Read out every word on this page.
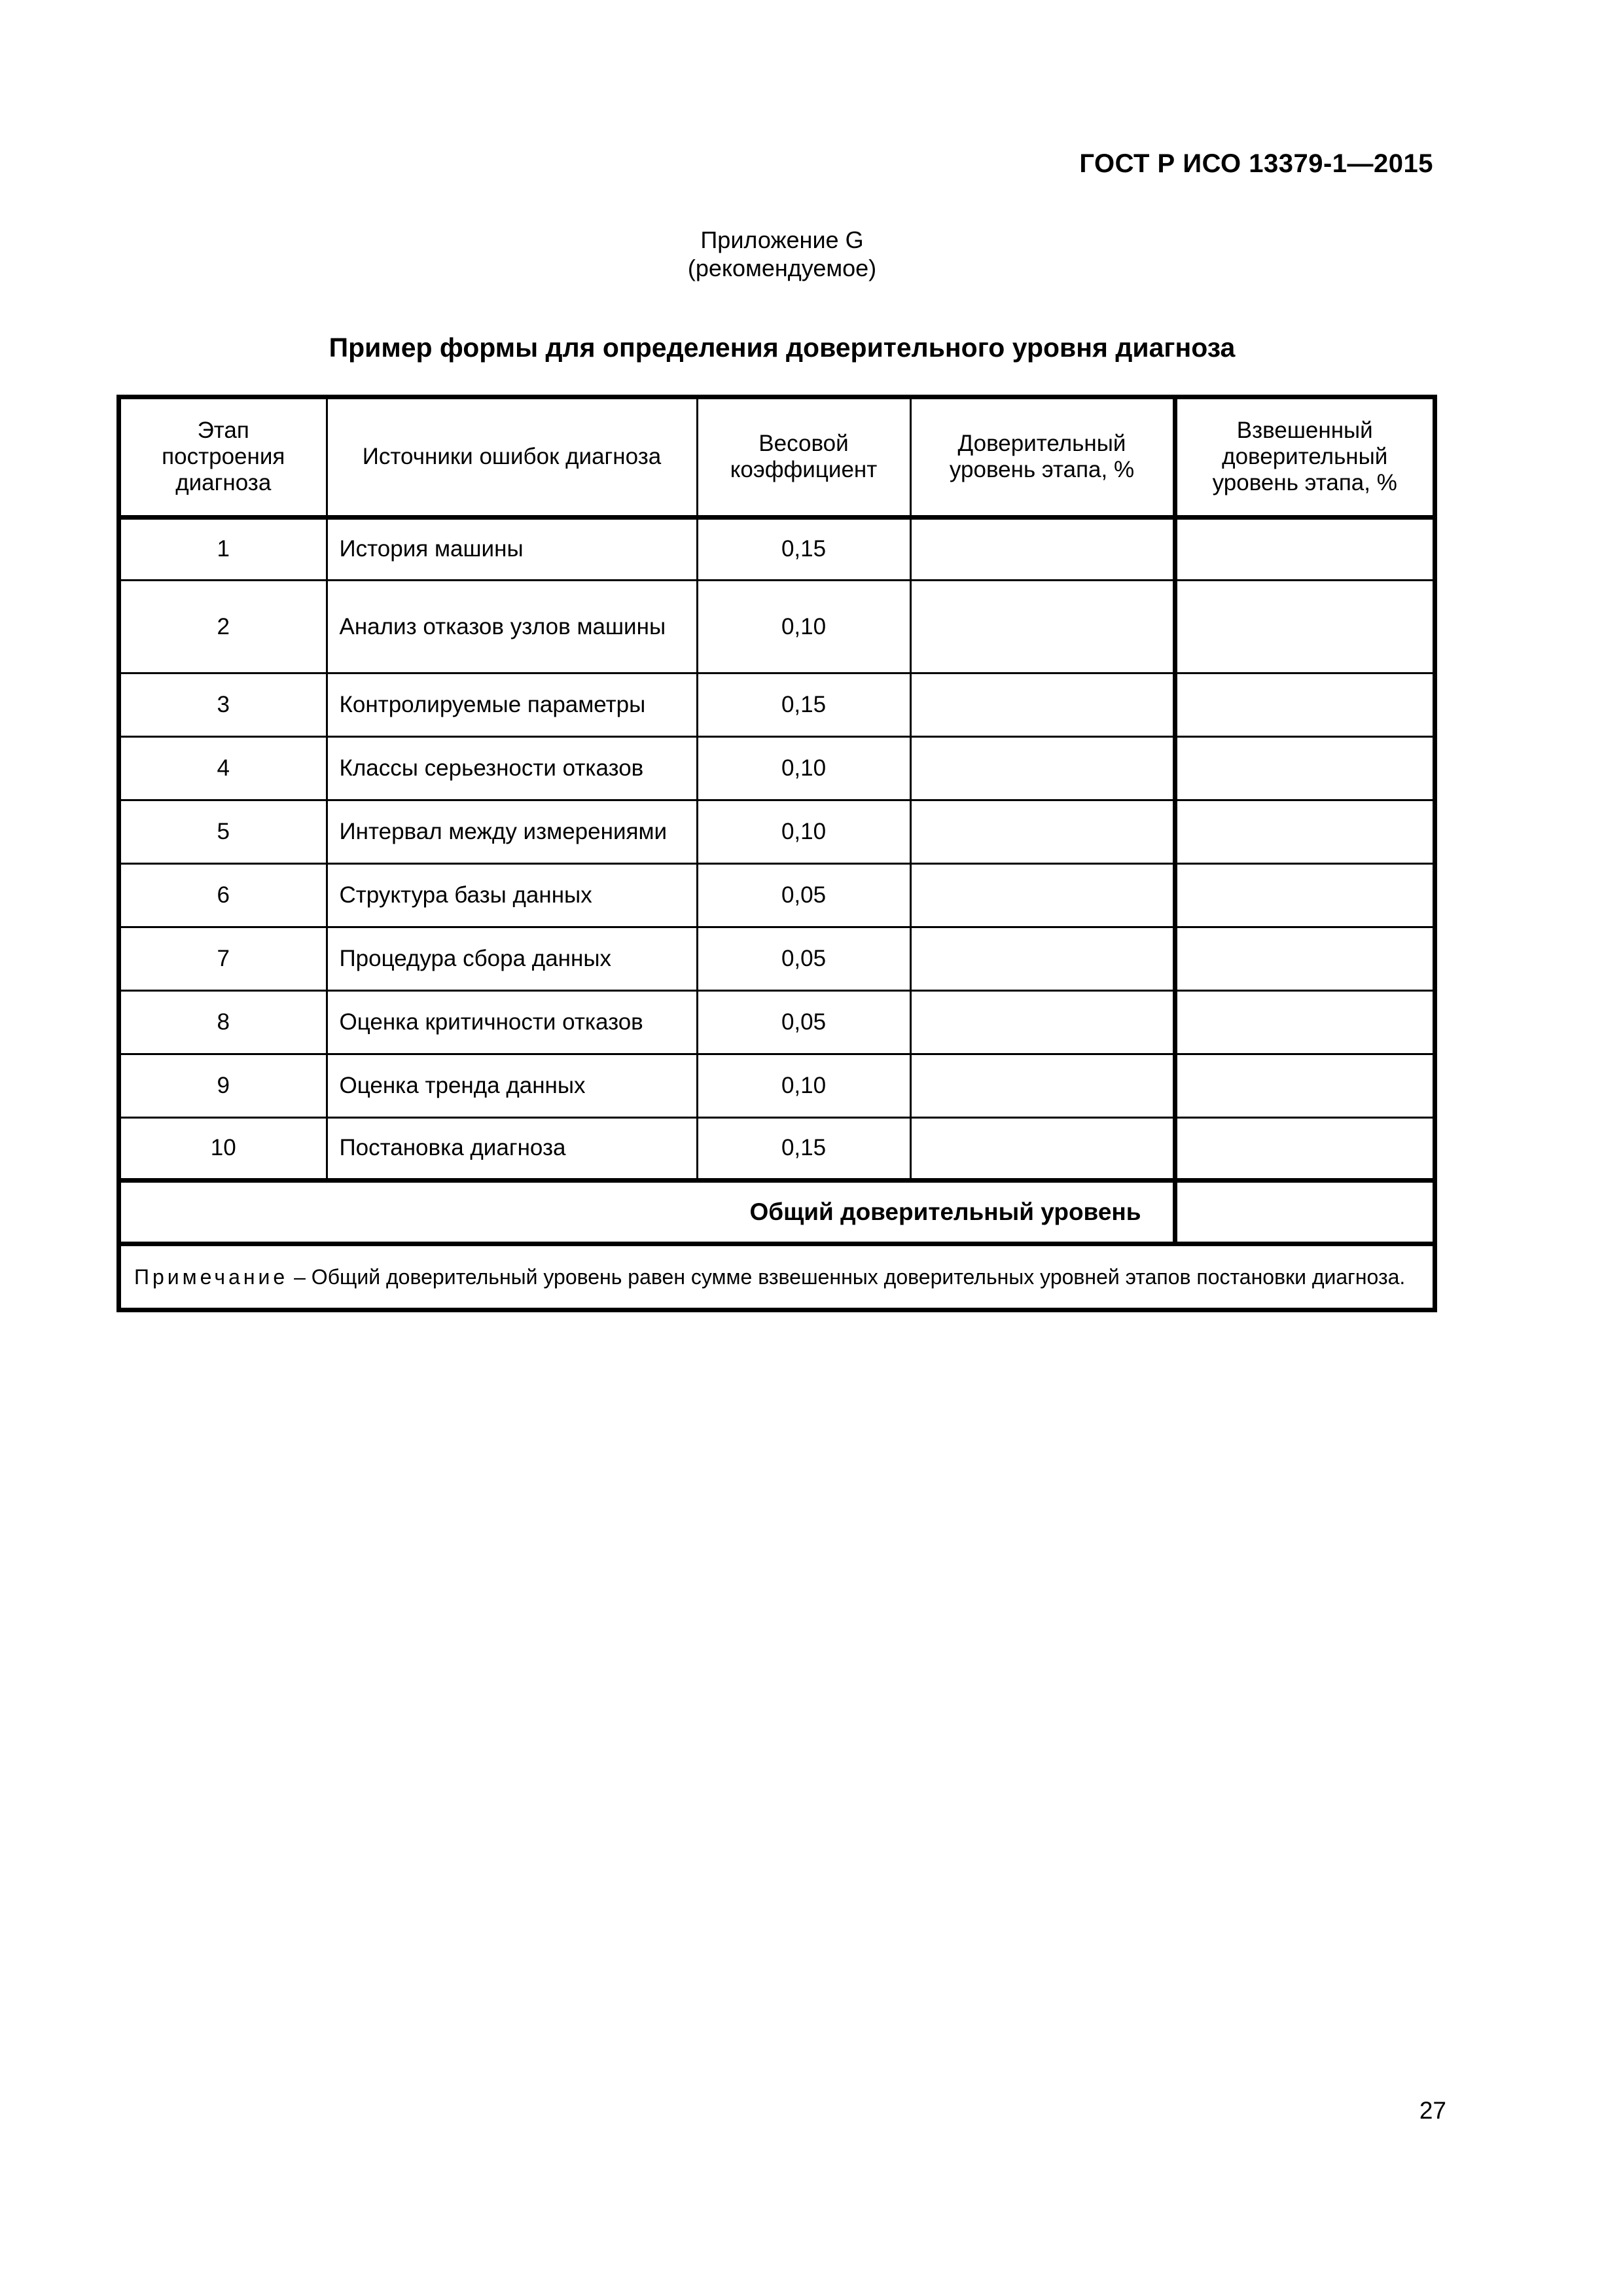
ГОСТ Р ИСО 13379-1—2015
Приложение G
(рекомендуемое)
Пример формы для определения доверительного уровня диагноза
Этап построения диагноза	Источники ошибок диагноза	Весовой коэффициент	Доверительный уровень этапа, %	Взвешенный доверительный уровень этапа, %
1	История машины	0,15		
2	Анализ отказов узлов машины	0,10		
3	Контролируемые параметры	0,15		
4	Классы серьезности отказов	0,10		
5	Интервал между измерениями	0,10		
6	Структура базы данных	0,05		
7	Процедура сбора данных	0,05		
8	Оценка критичности отказов	0,05		
9	Оценка тренда данных	0,10		
10	Постановка диагноза	0,15		
Общий доверительный уровень				
Примечание – Общий доверительный уровень равен сумме взвешенных доверительных уровней этапов постановки диагноза.				
27
